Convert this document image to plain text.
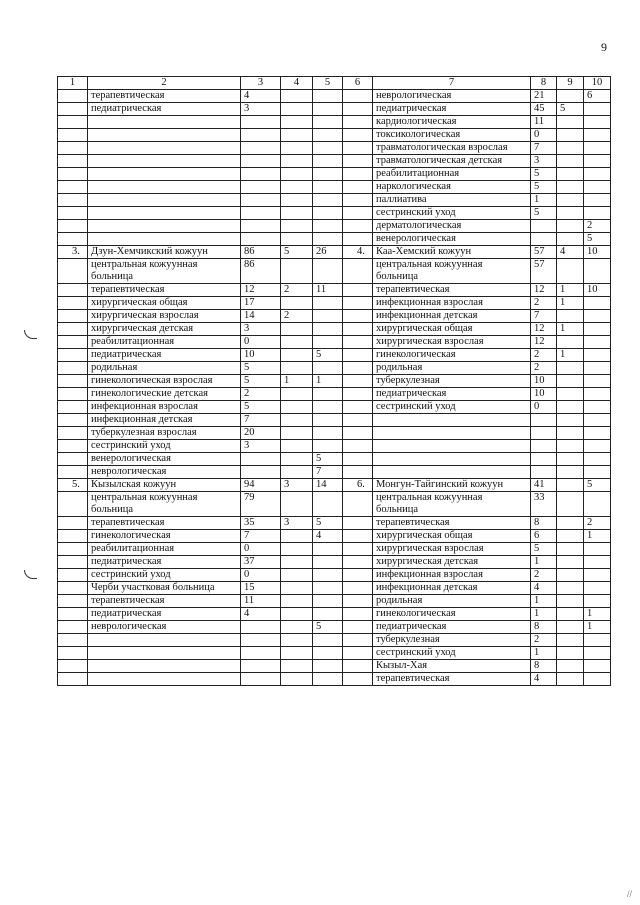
9
1	2	3	4	5	6	7	8	9	10
	терапевтическая	4				неврологическая	21		6
	педиатрическая	3				педиатрическая	45	5	
						кардиологическая	11		
						токсикологическая	0		
						травматологическая взрослая	7		
						травматологическая детская	3		
						реабилитационная	5		
						наркологическая	5		
						паллиатива	1		
						сестринский уход	5		
						дерматологическая			2
						венерологическая			5
3.	Дзун-Хемчикский кожуун	86	5	26	4.	Каа-Хемский кожуун	57	4	10
	центральная кожуунная больница	86				центральная кожуунная больница	57		
	терапевтическая	12	2	11		терапевтическая	12	1	10
	хирургическая общая	17				инфекционная взрослая	2	1	
	хирургическая взрослая	14	2			инфекционная детская	7		
	хирургическая детская	3				хирургическая общая	12	1	
	реабилитационная	0				хирургическая взрослая	12		
	педиатрическая	10		5		гинекологическая	2	1	
	родильная	5				родильная	2		
	гинекологическая взрослая	5	1	1		туберкулезная	10		
	гинекологические детская	2				педиатрическая	10		
	инфекционная взрослая	5				сестринский уход	0		
	инфекционная детская	7							
	туберкулезная взрослая	20							
	сестринский уход	3							
	венерологическая			5					
	неврологическая			7					
5.	Кызылская кожуун	94	3	14	6.	Монгун-Тайгинский кожуун	41		5
	центральная кожуунная больница	79				центральная кожуунная больница	33		
	терапевтическая	35	3	5		терапевтическая	8		2
	гинекологическая	7		4		хирургическая общая	6		1
	реабилитационная	0				хирургическая взрослая	5		
	педиатрическая	37				хирургическая детская	1		
	сестринский уход	0				инфекционная взрослая	2		
	Черби участковая больница	15				инфекционная детская	4		
	терапевтическая	11				родильная	1		
	педиатрическая	4				гинекологическая	1		1
	неврологическая			5		педиатрическая	8		1
						туберкулезная	2		
						сестринский уход	1		
						Кызыл-Хая	8		
						терапевтическая	4		
//
